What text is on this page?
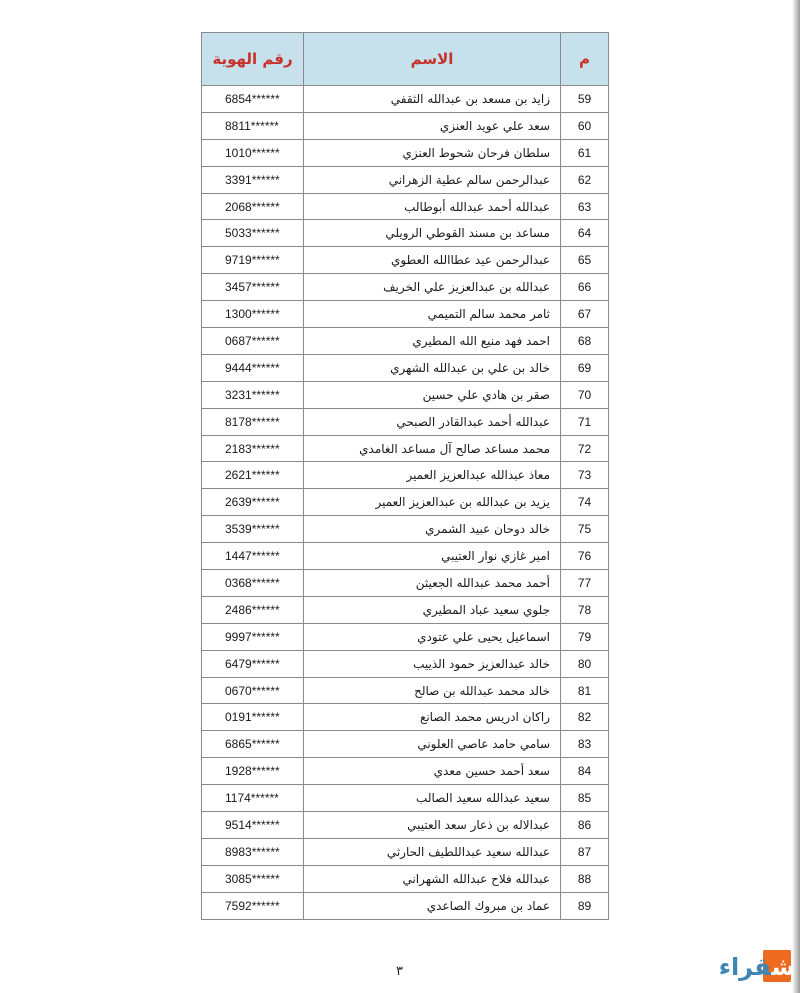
م	الاسم	رقم الهوية
59	زايد بن مسعد بن عبدالله الثقفي	6854******
60	سعد علي عويد العنزي	8811******
61	سلطان فرحان شحوط العنزي	1010******
62	عبدالرحمن سالم عطية الزهراني	3391******
63	عبدالله أحمد عبدالله أبوطالب	2068******
64	مساعد بن مسند القوطي الرويلي	5033******
65	عبدالرحمن عيد عطاالله العطوي	9719******
66	عبدالله بن عبدالعزيز علي الخريف	3457******
67	ثامر محمد سالم التميمي	1300******
68	احمد فهد منيع الله المطيري	0687******
69	خالد بن علي بن عبدالله الشهري	9444******
70	صقر بن هادي علي حسين	3231******
71	عبدالله أحمد عبدالقادر الصبحي	8178******
72	محمد مساعد صالح آل مساعد الغامدي	2183******
73	معاذ عبدالله عبدالعزيز العمير	2621******
74	يزيد بن عبدالله بن عبدالعزيز العمير	2639******
75	خالد دوحان عبيد الشمري	3539******
76	امير غازي نوار العتيبي	1447******
77	أحمد محمد عبدالله الجعيثن	0368******
78	جلوي سعيد عباد المطيري	2486******
79	اسماعيل يحيى علي عتودي	9997******
80	خالد عبدالعزيز حمود الذييب	6479******
81	خالد محمد عبدالله بن صالح	0670******
82	راكان ادريس محمد الصانع	0191******
83	سامي حامد عاصي العلوني	6865******
84	سعد أحمد حسين معدي	1928******
85	سعيد عبدالله سعيد الصالب	1174******
86	عبدالاله بن ذعار سعد العتيبي	9514******
87	عبدالله سعيد عبداللطيف الحارثي	8983******
88	عبدالله فلاح عبدالله الشهراني	3085******
89	عماد بن مبروك الصاعدي	7592******
٣	شقراء
